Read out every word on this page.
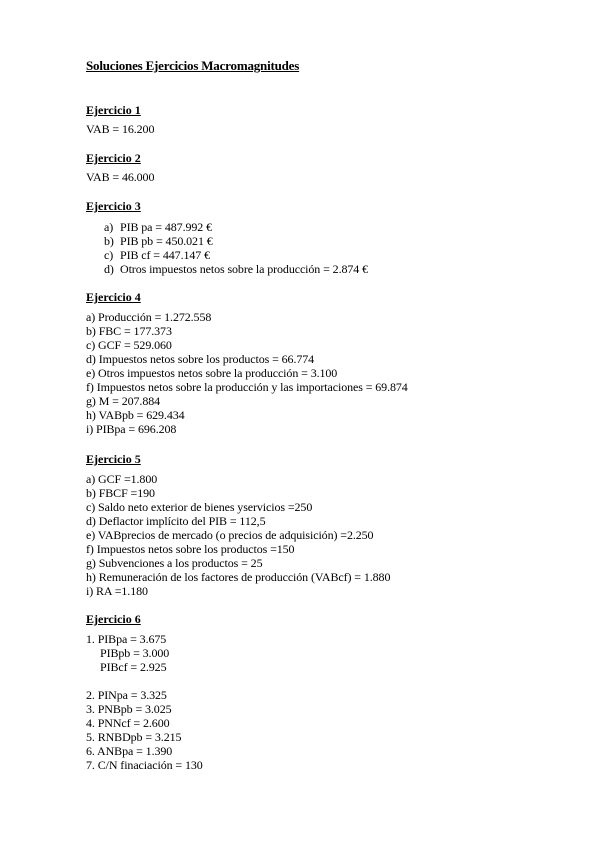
Soluciones Ejercicios Macromagnitudes
Ejercicio 1
VAB = 16.200
Ejercicio 2
VAB = 46.000
Ejercicio 3
a) PIB pa = 487.992 €
b) PIB pb = 450.021 €
c) PIB cf = 447.147 €
d) Otros impuestos netos sobre la producción = 2.874 €
Ejercicio 4
a) Producción = 1.272.558
b) FBC = 177.373
c) GCF = 529.060
d) Impuestos netos sobre los productos = 66.774
e) Otros impuestos netos sobre la producción = 3.100
f) Impuestos netos sobre la producción y las importaciones = 69.874
g) M = 207.884
h) VABpb = 629.434
i) PIBpa = 696.208
Ejercicio 5
a) GCF =1.800
b) FBCF =190
c) Saldo neto exterior de bienes yservicios =250
d) Deflactor implícito del PIB = 112,5
e) VABprecios de mercado (o precios de adquisición) =2.250
f) Impuestos netos sobre los productos =150
g) Subvenciones a los productos = 25
h) Remuneración de los factores de producción (VABcf) = 1.880
i) RA =1.180
Ejercicio 6
1. PIBpa = 3.675
PIBpb = 3.000
PIBcf = 2.925
2. PINpa = 3.325
3. PNBpb = 3.025
4. PNNcf = 2.600
5. RNBDpb = 3.215
6. ANBpa = 1.390
7. C/N finaciación = 130
